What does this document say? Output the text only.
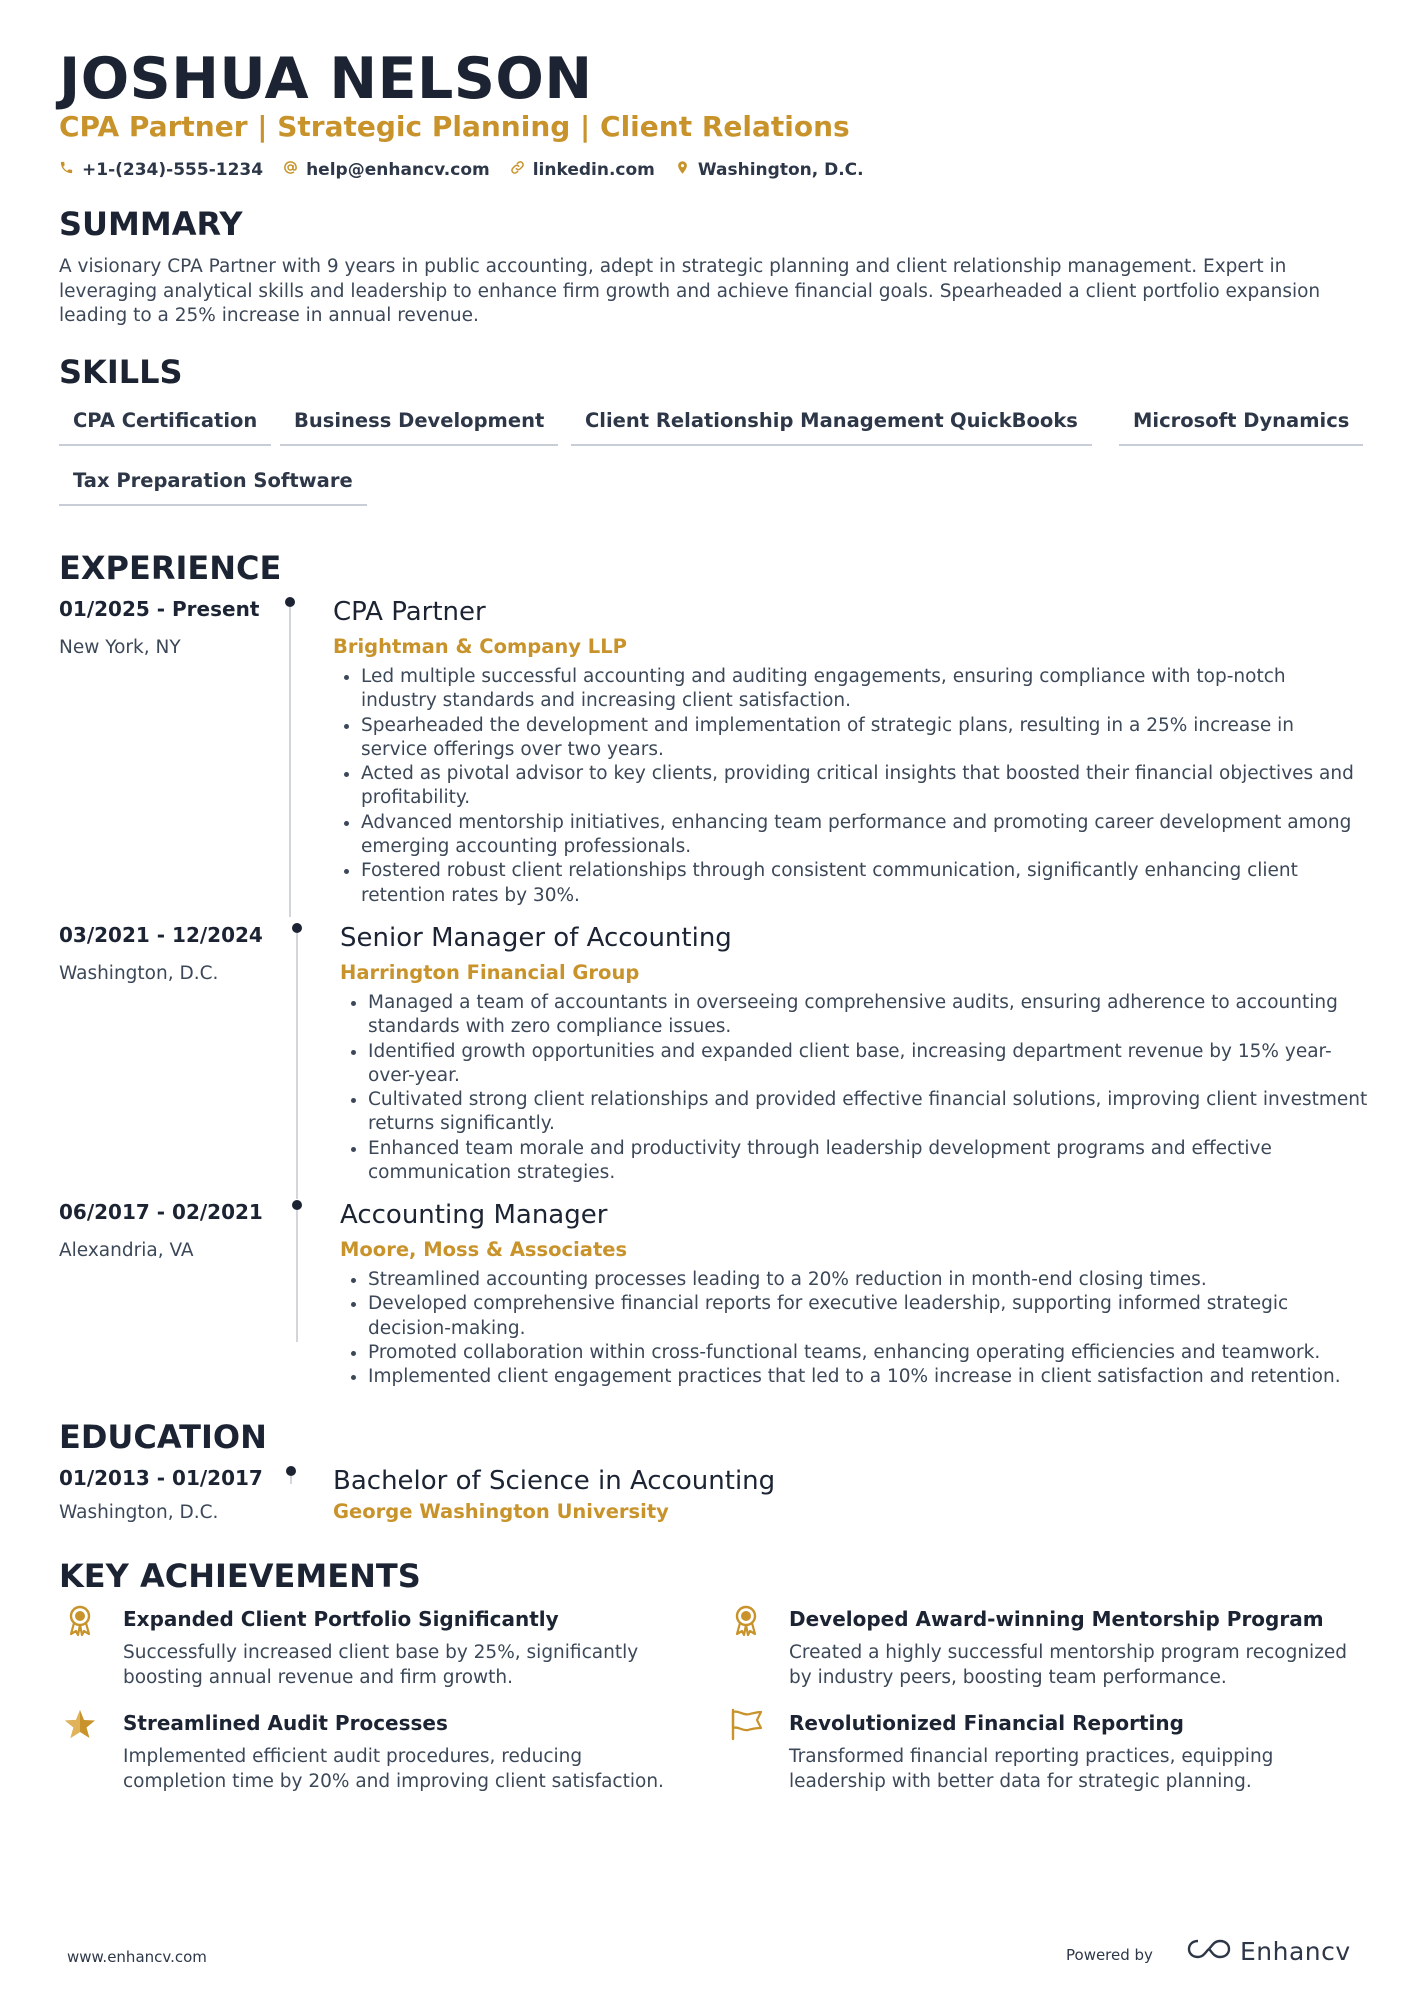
JOSHUA NELSON
CPA Partner | Strategic Planning | Client Relations
+1-(234)-555-1234	help@enhancv.com	linkedin.com	Washington, D.C.
SUMMARY
A visionary CPA Partner with 9 years in public accounting, adept in strategic planning and client relationship management. Expert in leveraging analytical skills and leadership to enhance firm growth and achieve financial goals. Spearheaded a client portfolio expansion leading to a 25% increase in annual revenue.
SKILLS
CPA Certification	Business Development	Client Relationship Management QuickBooks	Microsoft Dynamics
Tax Preparation Software
EXPERIENCE
01/2025 - Present
New York, NY
CPA Partner
Brightman & Company LLP
• Led multiple successful accounting and auditing engagements, ensuring compliance with top-notch industry standards and increasing client satisfaction.
• Spearheaded the development and implementation of strategic plans, resulting in a 25% increase in service offerings over two years.
• Acted as pivotal advisor to key clients, providing critical insights that boosted their financial objectives and profitability.
• Advanced mentorship initiatives, enhancing team performance and promoting career development among emerging accounting professionals.
• Fostered robust client relationships through consistent communication, significantly enhancing client retention rates by 30%.
03/2021 - 12/2024
Washington, D.C.
Senior Manager of Accounting
Harrington Financial Group
• Managed a team of accountants in overseeing comprehensive audits, ensuring adherence to accounting standards with zero compliance issues.
• Identified growth opportunities and expanded client base, increasing department revenue by 15% year-over-year.
• Cultivated strong client relationships and provided effective financial solutions, improving client investment returns significantly.
• Enhanced team morale and productivity through leadership development programs and effective communication strategies.
06/2017 - 02/2021
Alexandria, VA
Accounting Manager
Moore, Moss & Associates
• Streamlined accounting processes leading to a 20% reduction in month-end closing times.
• Developed comprehensive financial reports for executive leadership, supporting informed strategic decision-making.
• Promoted collaboration within cross-functional teams, enhancing operating efficiencies and teamwork.
• Implemented client engagement practices that led to a 10% increase in client satisfaction and retention.
EDUCATION
01/2013 - 01/2017
Washington, D.C.
Bachelor of Science in Accounting
George Washington University
KEY ACHIEVEMENTS
Expanded Client Portfolio Significantly
Successfully increased client base by 25%, significantly boosting annual revenue and firm growth.
Developed Award-winning Mentorship Program
Created a highly successful mentorship program recognized by industry peers, boosting team performance.
Streamlined Audit Processes
Implemented efficient audit procedures, reducing completion time by 20% and improving client satisfaction.
Revolutionized Financial Reporting
Transformed financial reporting practices, equipping leadership with better data for strategic planning.
www.enhancv.com	Powered by	Enhancv
